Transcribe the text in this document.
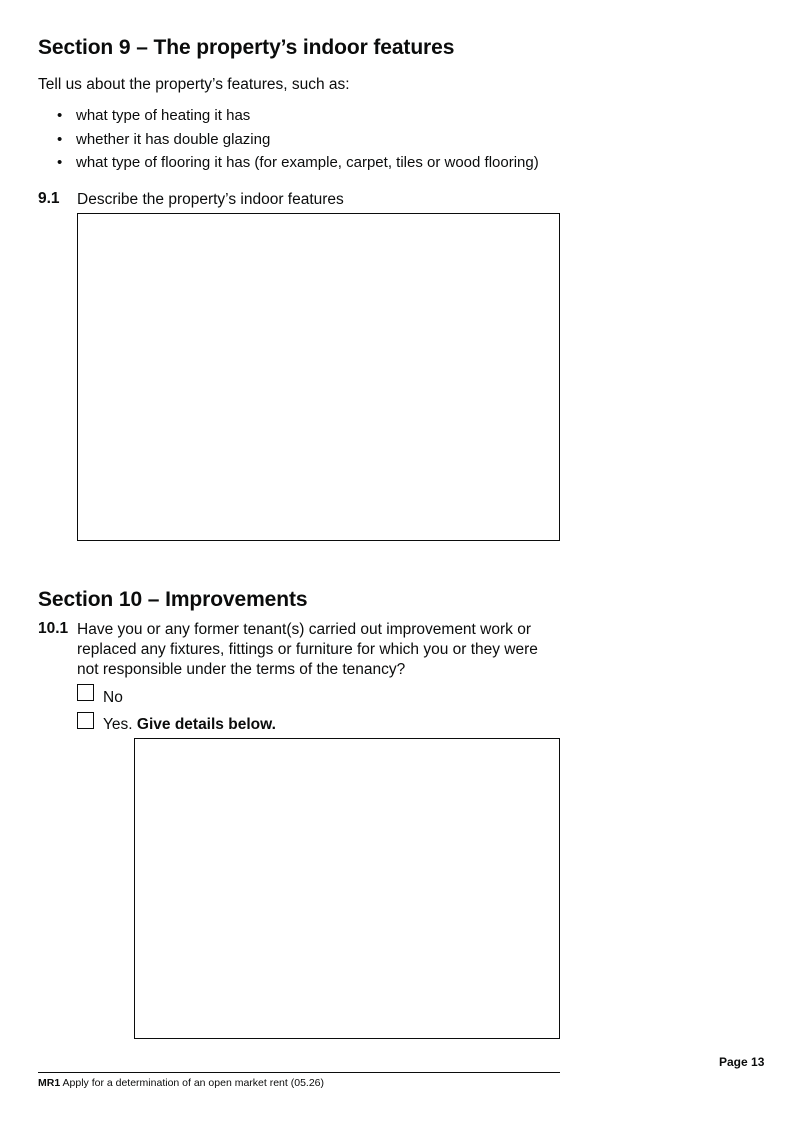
Section 9 – The property’s indoor features
Tell us about the property’s features, such as:
• what type of heating it has
• whether it has double glazing
• what type of flooring it has (for example, carpet, tiles or wood flooring)
9.1 Describe the property’s indoor features
Section 10 – Improvements
10.1 Have you or any former tenant(s) carried out improvement work or
replaced any fixtures, fittings or furniture for which you or they were
not responsible under the terms of the tenancy?
No
Yes. Give details below.
Page 13
MR1 Apply for a determination of an open market rent (05.26)
